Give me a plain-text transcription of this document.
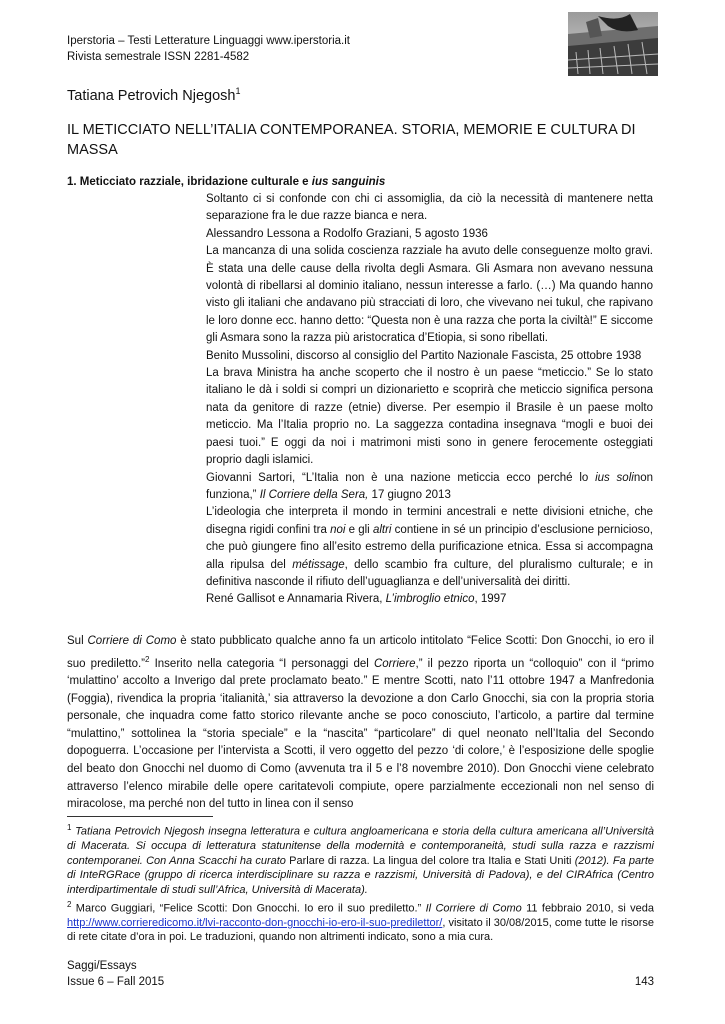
Iperstoria – Testi Letterature Linguaggi www.iperstoria.it
Rivista semestrale ISSN 2281-4582
Tatiana Petrovich Njegosh$^1$
IL METICCIATO NELL’ITALIA CONTEMPORANEA. STORIA, MEMORIE E CULTURA DI MASSA
1. Meticciato razziale, ibridazione culturale e ius sanguinis

Soltanto ci si confonde con chi ci assomiglia, da ciò la necessità di mantenere netta separazione fra le due razze bianca e nera.

Alessandro Lessona a Rodolfo Graziani, 5 agosto 1936

La mancanza di una solida coscienza razziale ha avuto delle conseguenze molto gravi. È stata una delle cause della rivolta degli Asmara. Gli Asmara non avevano nessuna volontà di ribellarsi al dominio italiano, nessun interesse a farlo. (…) Ma quando hanno visto gli italiani che andavano più stracciati di loro, che vivevano nei tukul, che rapivano le loro donne ecc. hanno detto: “Questa non è una razza che porta la civiltà!” E siccome gli Asmara sono la razza più aristocratica d’Etiopia, si sono ribellati.

Benito Mussolini, discorso al consiglio del Partito Nazionale Fascista, 25 ottobre 1938

La brava Ministra ha anche scoperto che il nostro è un paese “meticcio.” Se lo stato italiano le dà i soldi si compri un dizionarietto e scoprirà che meticcio significa persona nata da genitore di razze (etnie) diverse. Per esempio il Brasile è un paese molto meticcio. Ma l’Italia proprio no. La saggezza contadina insegnava “mogli e buoi dei paesi tuoi.” E oggi da noi i matrimoni misti sono in genere ferocemente osteggiati proprio dagli islamici.

Giovanni Sartori, “L’Italia non è una nazione meticcia ecco perché lo ius solinon funziona,” Il Corriere della Sera, 17 giugno 2013

L’ideologia che interpreta il mondo in termini ancestrali e nette divisioni etniche, che disegna rigidi confini tra noi e gli altri contiene in sé un principio d’esclusione pernicioso, che può giungere fino all’esito estremo della purificazione etnica. Essa si accompagna alla ripulsa del métissage, dello scambio fra culture, del pluralismo culturale; e in definitiva nasconde il rifiuto dell’uguaglianza e dell’universalità dei diritti.

René Gallisot e Annamaria Rivera, L’imbroglio etnico, 1997

Sul Corriere di Como è stato pubblicato qualche anno fa un articolo intitolato “Felice Scotti: Don Gnocchi, io ero il suo prediletto.”$^2$ Inserito nella categoria “I personaggi del Corriere,” il pezzo riporta un “colloquio” con il “primo ‘mulattino’ accolto a Inverigo dal prete proclamato beato.” E mentre Scotti, nato l’11 ottobre 1947 a Manfredonia (Foggia), rivendica la propria ‘italianità,’ sia attraverso la devozione a don Carlo Gnocchi, sia con la propria storia personale, che inquadra come fatto storico rilevante anche se poco conosciuto, l’articolo, a partire dal termine “mulattino,” sottolinea la “storia speciale” e la “nascita” “particolare” di quel neonato nell’Italia del Secondo dopoguerra. L’occasione per l’intervista a Scotti, il vero oggetto del pezzo ‘di colore,’ è l’esposizione delle spoglie del beato don Gnocchi nel duomo di Como (avvenuta tra il 5 e l’8 novembre 2010). Don Gnocchi viene celebrato attraverso l’elenco mirabile delle opere caritatevoli compiute, opere parzialmente eccezionali non nel senso di miracolose, ma perché non del tutto in linea con il senso
$^1$ Tatiana Petrovich Njegosh insegna letteratura e cultura angloamericana e storia della cultura americana all’Università di Macerata. Si occupa di letteratura statunitense della modernità e contemporaneità, studi sulla razza e razzismi contemporanei. Con Anna Scacchi ha curato Parlare di razza. La lingua del colore tra Italia e Stati Uniti (2012). Fa parte di InteRGRace (gruppo di ricerca interdisciplinare su razza e razzismi, Università di Padova), e del CIRAfrica (Centro interdipartimentale di studi sull’Africa, Università di Macerata).
$^2$ Marco Guggiari, “Felice Scotti: Don Gnocchi. Io ero il suo prediletto.” Il Corriere di Como 11 febbraio 2010, si veda http://www.corrieredicomo.it/lvi-racconto-don-gnocchi-io-ero-il-suo-predilettor/, visitato il 30/08/2015, come tutte le risorse di rete citate d’ora in poi. Le traduzioni, quando non altrimenti indicato, sono a mia cura.
Saggi/Essays
Issue 6 – Fall 2015	143
